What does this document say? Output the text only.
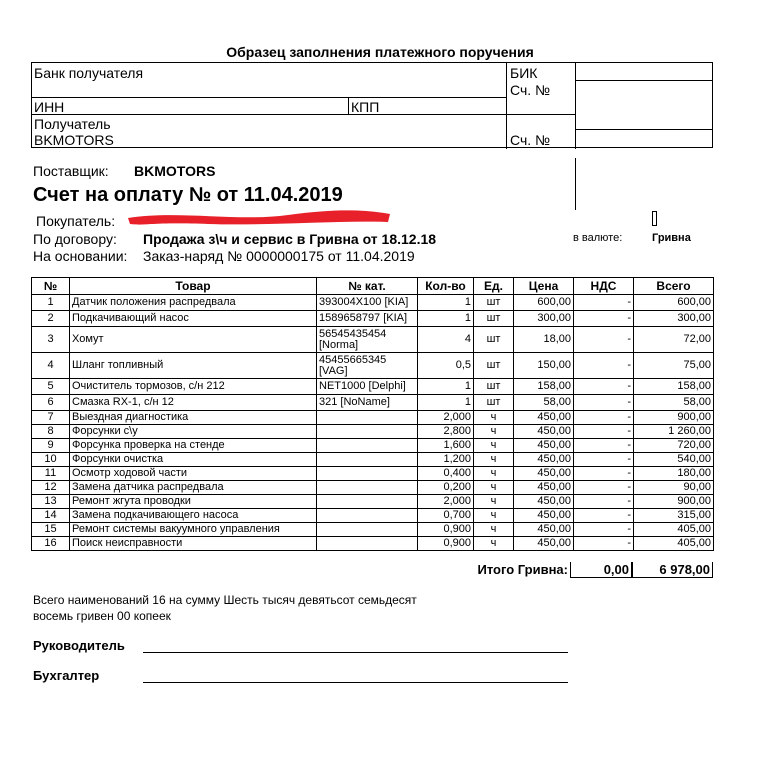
Образец заполнения платежного поручения
Банк получателя	БИК
Сч. №
ИНН	КПП
Получатель
BKMOTORS	Сч. №
Поставщик: BKMOTORS
Счет на оплату № от 11.04.2019
Покупатель:
По договору: Продажа з\ч и сервис в Гривна от 18.12.18	в валюте:	Гривна
На основании: Заказ-наряд № 0000000175 от 11.04.2019
№	Товар	№ кат.	Кол-во	Ед.	Цена	НДС	Всего
1	Датчик положения распредвала	393004X100 [KIA]	1	шт	600,00	-	600,00
2	Подкачивающий насос	1589658797 [KIA]	1	шт	300,00	-	300,00
3	Хомут	56545435454 [Norma]	4	шт	18,00	-	72,00
4	Шланг топливный	45455665345 [VAG]	0,5	шт	150,00	-	75,00
5	Очиститель тормозов, с/н 212	NET1000 [Delphi]	1	шт	158,00	-	158,00
6	Смазка RX-1, с/н 12	321 [NoName]	1	шт	58,00	-	58,00
7	Выездная диагностика		2,000	ч	450,00	-	900,00
8	Форсунки с\у		2,800	ч	450,00	-	1 260,00
9	Форсунка проверка на стенде		1,600	ч	450,00	-	720,00
10	Форсунки очистка		1,200	ч	450,00	-	540,00
11	Осмотр ходовой части		0,400	ч	450,00	-	180,00
12	Замена датчика распредвала		0,200	ч	450,00	-	90,00
13	Ремонт жгута проводки		2,000	ч	450,00	-	900,00
14	Замена подкачивающего насоса		0,700	ч	450,00	-	315,00
15	Ремонт системы вакуумного управления		0,900	ч	450,00	-	405,00
16	Поиск неисправности		0,900	ч	450,00	-	405,00
Итого Гривна:	0,00	6 978,00
Всего наименований 16 на сумму Шесть тысяч девятьсот семьдесят
восемь гривен 00 копеек
Руководитель
Бухгалтер
